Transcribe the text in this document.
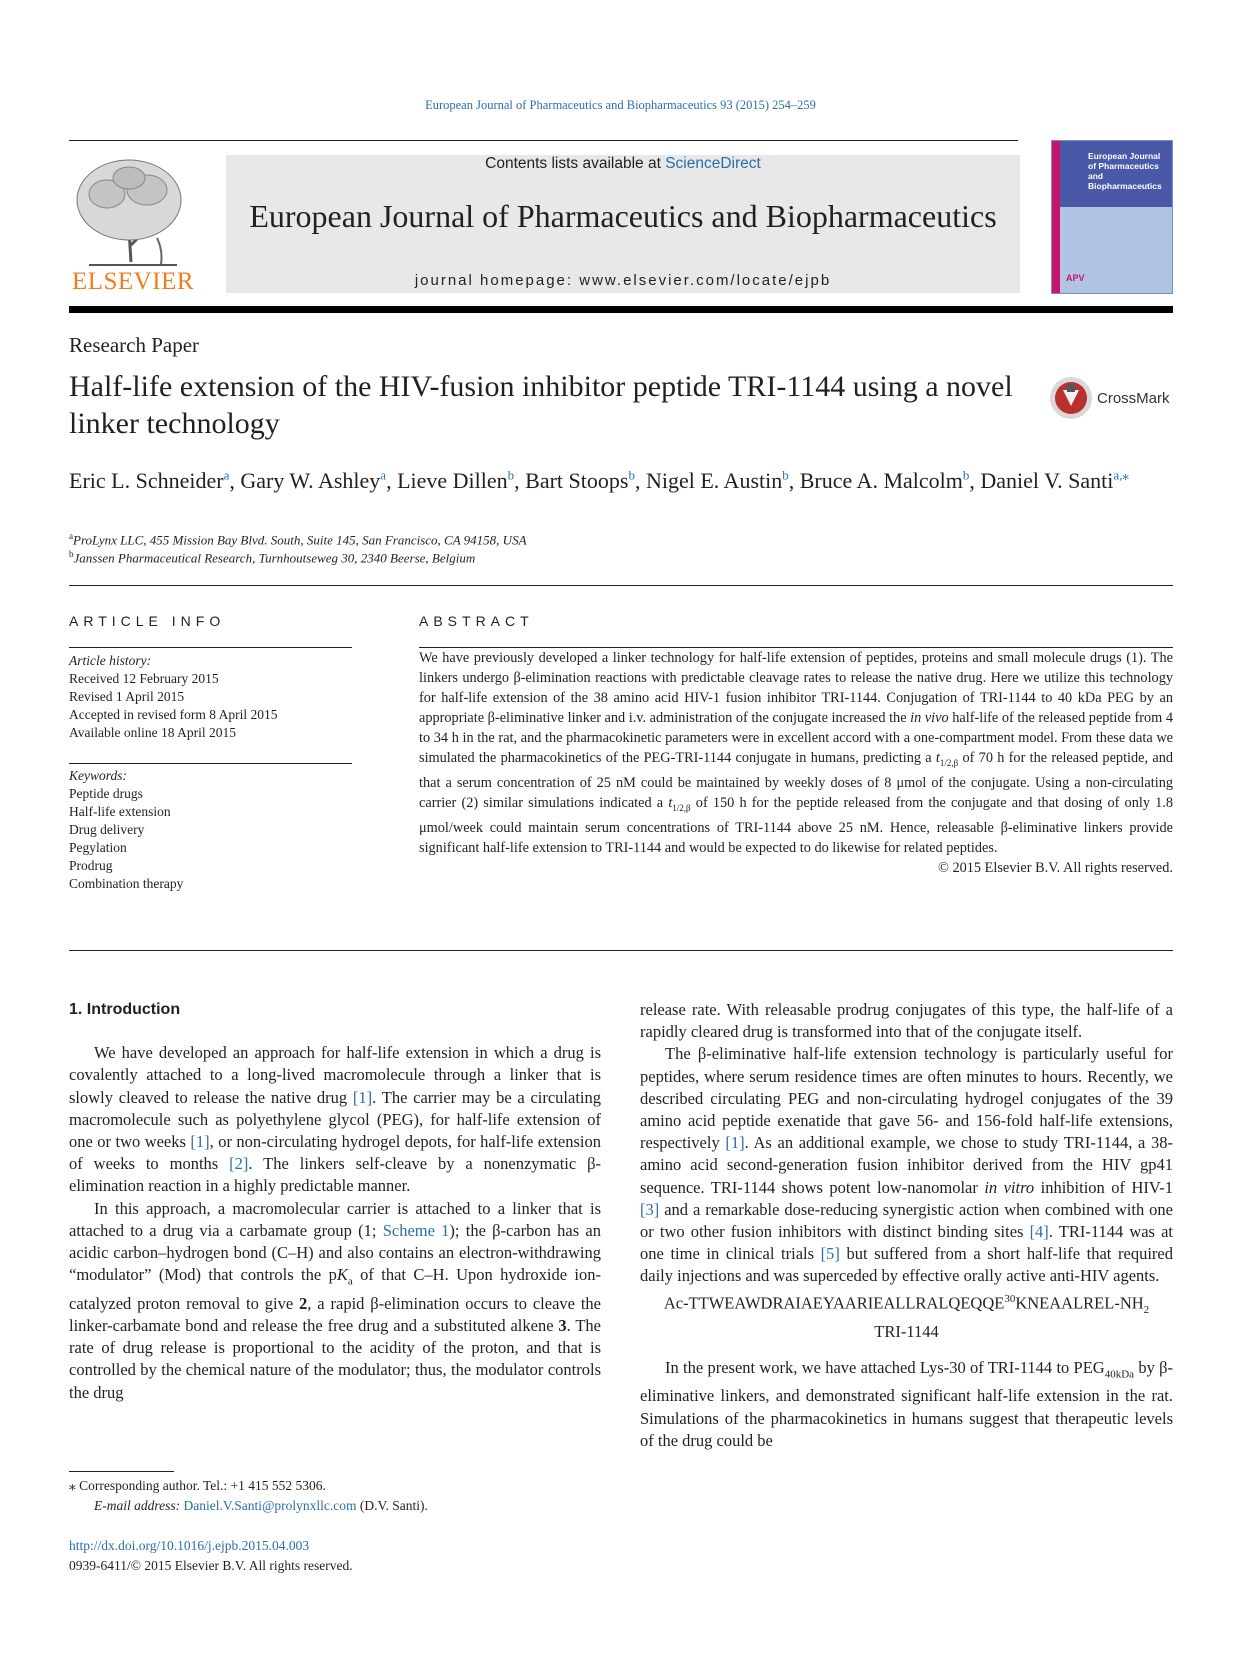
European Journal of Pharmaceutics and Biopharmaceutics 93 (2015) 254–259
ELSEVIER
Contents lists available at ScienceDirect
European Journal of Pharmaceutics and Biopharmaceutics
journal homepage: www.elsevier.com/locate/ejpb
European Journal of Pharmaceutics and Biopharmaceutics
APV
Research Paper
Half-life extension of the HIV-fusion inhibitor peptide TRI-1144 using a novel linker technology
CrossMark
Eric L. Schneider$^a$, Gary W. Ashley$^a$, Lieve Dillen$^b$, Bart Stoops$^b$, Nigel E. Austin$^b$, Bruce A. Malcolm$^b$, Daniel V. Santi$^{a,⁎}$
$^a$ProLynx LLC, 455 Mission Bay Blvd. South, Suite 145, San Francisco, CA 94158, USA
$^b$Janssen Pharmaceutical Research, Turnhoutseweg 30, 2340 Beerse, Belgium
ARTICLE INFO
Article history:
Received 12 February 2015
Revised 1 April 2015
Accepted in revised form 8 April 2015
Available online 18 April 2015
Keywords:
Peptide drugs
Half-life extension
Drug delivery
Pegylation
Prodrug
Combination therapy
ABSTRACT
We have previously developed a linker technology for half-life extension of peptides, proteins and small molecule drugs (1). The linkers undergo β-elimination reactions with predictable cleavage rates to release the native drug. Here we utilize this technology for half-life extension of the 38 amino acid HIV-1 fusion inhibitor TRI-1144. Conjugation of TRI-1144 to 40 kDa PEG by an appropriate β-eliminative linker and i.v. administration of the conjugate increased the in vivo half-life of the released peptide from 4 to 34 h in the rat, and the pharmacokinetic parameters were in excellent accord with a one-compartment model. From these data we simulated the pharmacokinetics of the PEG-TRI-1144 conjugate in humans, predicting a $t_{1/2,\beta}$ of 70 h for the released peptide, and that a serum concentration of 25 nM could be maintained by weekly doses of 8 μmol of the conjugate. Using a non-circulating carrier (2) similar simulations indicated a $t_{1/2,\beta}$ of 150 h for the peptide released from the conjugate and that dosing of only 1.8 μmol/week could maintain serum concentrations of TRI-1144 above 25 nM. Hence, releasable β-eliminative linkers provide significant half-life extension to TRI-1144 and would be expected to do likewise for related peptides.
© 2015 Elsevier B.V. All rights reserved.
1. Introduction

We have developed an approach for half-life extension in which a drug is covalently attached to a long-lived macromolecule through a linker that is slowly cleaved to release the native drug [1]. The carrier may be a circulating macromolecule such as polyethylene glycol (PEG), for half-life extension of one or two weeks [1], or non-circulating hydrogel depots, for half-life extension of weeks to months [2]. The linkers self-cleave by a nonenzymatic β-elimination reaction in a highly predictable manner.

In this approach, a macromolecular carrier is attached to a linker that is attached to a drug via a carbamate group (1; Scheme 1); the β-carbon has an acidic carbon–hydrogen bond (C–H) and also contains an electron-withdrawing “modulator” (Mod) that controls the $pK_a$ of that C–H. Upon hydroxide ion-catalyzed proton removal to give 2, a rapid β-elimination occurs to cleave the linker-carbamate bond and release the free drug and a substituted alkene 3. The rate of drug release is proportional to the acidity of the proton, and that is controlled by the chemical nature of the modulator; thus, the modulator controls the drug

release rate. With releasable prodrug conjugates of this type, the half-life of a rapidly cleared drug is transformed into that of the conjugate itself.

The β-eliminative half-life extension technology is particularly useful for peptides, where serum residence times are often minutes to hours. Recently, we described circulating PEG and non-circulating hydrogel conjugates of the 39 amino acid peptide exenatide that gave 56- and 156-fold half-life extensions, respectively [1]. As an additional example, we chose to study TRI-1144, a 38-amino acid second-generation fusion inhibitor derived from the HIV gp41 sequence. TRI-1144 shows potent low-nanomolar in vitro inhibition of HIV-1 [3] and a remarkable dose-reducing synergistic action when combined with one or two other fusion inhibitors with distinct binding sites [4]. TRI-1144 was at one time in clinical trials [5] but suffered from a short half-life that required daily injections and was superceded by effective orally active anti-HIV agents.

$Ac-TTWEAWDRAIAEYAARIEALLRALQEQQE^{30}KNEAALREL-NH_2$
TRI-1144

In the present work, we have attached Lys-30 of TRI-1144 to $PEG_{40kDa}$ by β-eliminative linkers, and demonstrated significant half-life extension in the rat. Simulations of the pharmacokinetics in humans suggest that therapeutic levels of the drug could be

⁎ Corresponding author. Tel.: +1 415 552 5306.
E-mail address: Daniel.V.Santi@prolynxllc.com (D.V. Santi).
http://dx.doi.org/10.1016/j.ejpb.2015.04.003
0939-6411/© 2015 Elsevier B.V. All rights reserved.
